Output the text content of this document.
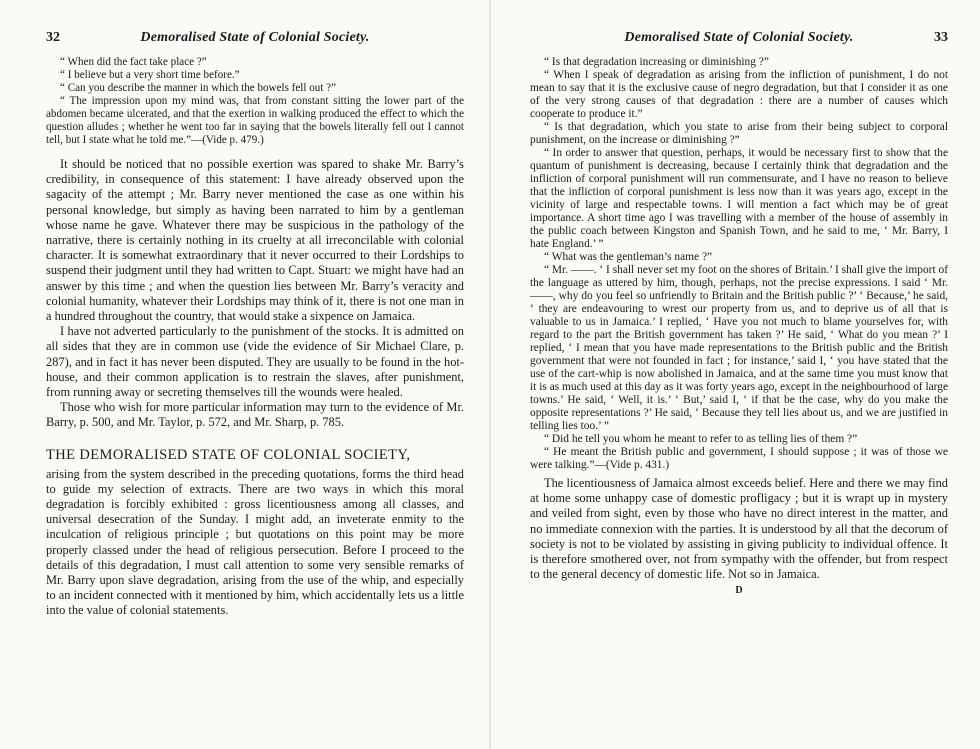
32	Demoralised State of Colonial Society.

“ When did the fact take place ?”

“ I believe but a very short time before.”

“ Can you describe the manner in which the bowels fell out ?”

“ The impression upon my mind was, that from constant sitting the lower part of the abdomen became ulcerated, and that the exertion in walking produced the effect to which the question alludes ; whether he went too far in saying that the bowels literally fell out I cannot tell, but I state what he told me.”—(Vide p. 479.)

It should be noticed that no possible exertion was spared to shake Mr. Barry’s credibility, in consequence of this statement: I have already observed upon the sagacity of the attempt ; Mr. Barry never mentioned the case as one within his personal knowledge, but simply as having been narrated to him by a gentleman whose name he gave. Whatever there may be suspicious in the pathology of the narrative, there is certainly nothing in its cruelty at all irreconcilable with colonial character. It is somewhat extraordinary that it never occurred to their Lordships to suspend their judgment until they had written to Capt. Stuart: we might have had an answer by this time ; and when the question lies between Mr. Barry’s veracity and colonial humanity, whatever their Lordships may think of it, there is not one man in a hundred throughout the country, that would stake a sixpence on Jamaica.

I have not adverted particularly to the punishment of the stocks. It is admitted on all sides that they are in common use (vide the evidence of Sir Michael Clare, p. 287), and in fact it has never been disputed. They are usually to be found in the hot-house, and their common application is to restrain the slaves, after punishment, from running away or secreting themselves till the wounds were healed.

Those who wish for more particular information may turn to the evidence of Mr. Barry, p. 500, and Mr. Taylor, p. 572, and Mr. Sharp, p. 785.

THE DEMORALISED STATE OF COLONIAL SOCIETY,

arising from the system described in the preceding quotations, forms the third head to guide my selection of extracts. There are two ways in which this moral degradation is forcibly exhibited : gross licentiousness among all classes, and universal desecration of the Sunday. I might add, an inveterate enmity to the inculcation of religious principle ; but quotations on this point may be more properly classed under the head of religious persecution. Before I proceed to the details of this degradation, I must call attention to some very sensible remarks of Mr. Barry upon slave degradation, arising from the use of the whip, and especially to an incident connected with it mentioned by him, which accidentally lets us a little into the value of colonial statements.

Demoralised State of Colonial Society.	33

“ Is that degradation increasing or diminishing ?”

“ When I speak of degradation as arising from the infliction of punishment, I do not mean to say that it is the exclusive cause of negro degradation, but that I consider it as one of the very strong causes of that degradation : there are a number of causes which cooperate to produce it.”

“ Is that degradation, which you state to arise from their being subject to corporal punishment, on the increase or diminishing ?”

“ In order to answer that question, perhaps, it would be necessary first to show that the quantum of punishment is decreasing, because I certainly think that degradation and the infliction of corporal punishment will run commensurate, and I have no reason to believe that the infliction of corporal punishment is less now than it was years ago, except in the vicinity of large and respectable towns. I will mention a fact which may be of great importance. A short time ago I was travelling with a member of the house of assembly in the public coach between Kingston and Spanish Town, and he said to me, ‘ Mr. Barry, I hate England.’ ”

“ What was the gentleman’s name ?”

“ Mr. ——. ‘ I shall never set my foot on the shores of Britain.’ I shall give the import of the language as uttered by him, though, perhaps, not the precise expressions. I said ‘ Mr. ——, why do you feel so unfriendly to Britain and the British public ?’ ‘ Because,’ he said, ‘ they are endeavouring to wrest our property from us, and to deprive us of all that is valuable to us in Jamaica.’ I replied, ‘ Have you not much to blame yourselves for, with regard to the part the British government has taken ?’ He said, ‘ What do you mean ?’ I replied, ‘ I mean that you have made representations to the British public and the British government that were not founded in fact ; for instance,’ said I, ‘ you have stated that the use of the cart-whip is now abolished in Jamaica, and at the same time you must know that it is as much used at this day as it was forty years ago, except in the neighbourhood of large towns.’ He said, ‘ Well, it is.’ ‘ But,’ said I, ‘ if that be the case, why do you make the opposite representations ?’ He said, ‘ Because they tell lies about us, and we are justified in telling lies too.’ ”

“ Did he tell you whom he meant to refer to as telling lies of them ?”

“ He meant the British public and government, I should suppose ; it was of those we were talking.”—(Vide p. 431.)

The licentiousness of Jamaica almost exceeds belief. Here and there we may find at home some unhappy case of domestic profligacy ; but it is wrapt up in mystery and veiled from sight, even by those who have no direct interest in the matter, and no immediate connexion with the parties. It is understood by all that the decorum of society is not to be violated by assisting in giving publicity to individual offence. It is therefore smothered over, not from sympathy with the offender, but from respect to the general decency of domestic life. Not so in Jamaica.

D
